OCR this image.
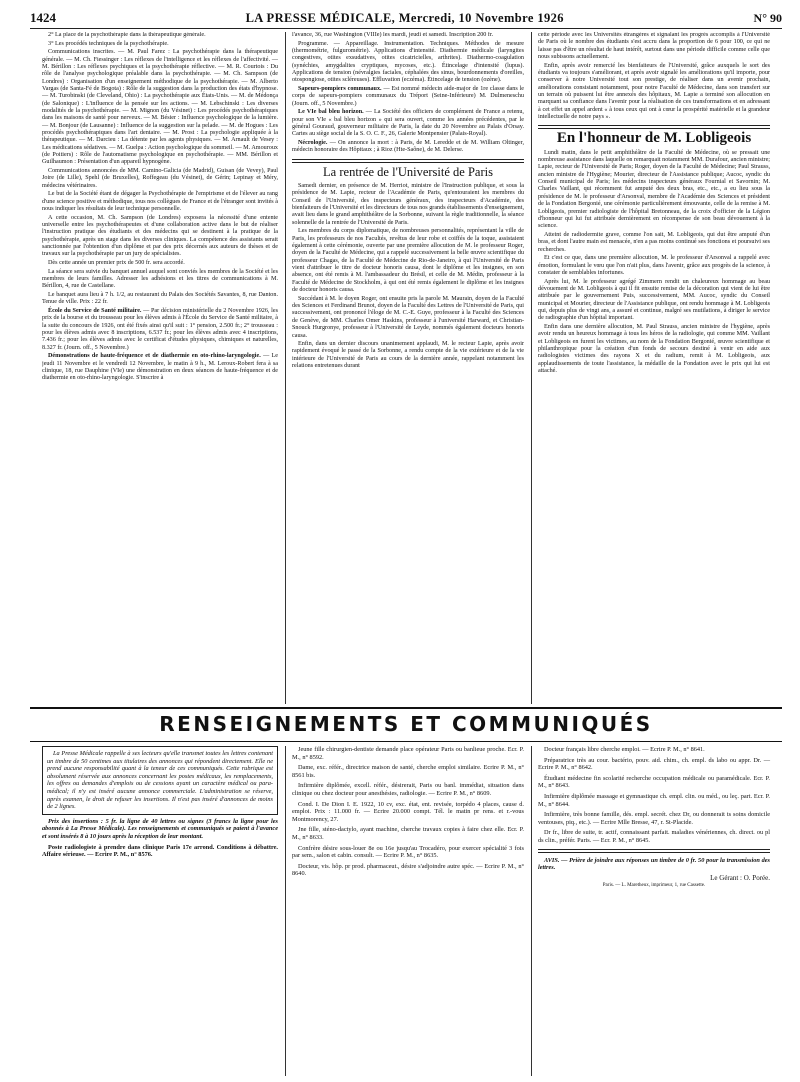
1424	LA PRESSE MÉDICALE, Mercredi, 10 Novembre 1926	N° 90

2° La place de la psychothérapie dans la thérapeutique générale.

3° Les procédés techniques de la psychothérapie.

Communications inscrites. — M. Paul Farez : La psychothérapie dans la thérapeutique générale. — M. Ch. Fiessinger : Les réflexes de l'intelligence et les réflexes de l'affectivité. — M. Bérillon : Les réflexes psychiques et la psychothérapie réflective. — M. R. Courtois : Du rôle de l'analyse psychologique préalable dans la psychothérapie. — M. Ch. Sampson (de Londres) : Organisation d'un enseignement méthodique de la psychothérapie. — M. Alberto Vargas (de Santa-Fé de Bogota) : Rôle de la suggestion dans la production des états d'hypnose. — M. Turobinski (de Cleveland, Ohio) : La psychothérapie aux États-Unis. — M. de Médonça (de Salonique) : L'influence de la pensée sur les actions. — M. Lebschinski : Les diverses modalités de la psychothérapie. — M. Mignon (du Vésinet) : Les procédés psychothérapiques dans les maisons de santé pour nerveux. — M. Bésier : Influence psychologique de la lumière. — M. Bonjour (de Lausanne) : Influence de la suggestion sur la pelade. — M. de Hogues : Les procédés psychothérapiques dans l'art dentaire. — M. Prost : La psychologie appliquée à la thérapeutique. — M. Darcieu : La détente par les agents physiques. — M. Arnault de Vesey : Les médications sédatives. — M. Guelpa : Action psychologique du sommeil. — M. Amouroux (de Poitiers) : Rôle de l'automatisme psychologique en psychothérapie. — MM. Bérillon et Guilhaumon : Présentation d'un appareil hypnogène.

Communications annoncées de MM. Camino-Galicia (de Madrid), Guisan (de Vevey), Paul Joire (de Lille), Spehl (de Bruxelles), Roffegeau (du Vésinet), de Gérin; Lepinay et Méry, médecins vétérinaires.

Le but de la Société étant de dégager la Psychothérapie de l'empirisme et de l'élever au rang d'une science positive et méthodique, tous nos collègues de France et de l'étranger sont invités à nous indiquer les résultats de leur technique personnelle.

A cette occasion, M. Ch. Sampson (de Londres) exposera la nécessité d'une entente universelle entre les psychothérapeutes et d'une collaboration active dans le but de réaliser l'instruction pratique des étudiants et des médecins qui se destinent à la pratique de la psychothérapie, après un stage dans les diverses cliniques. La compétence des assistants serait sanctionnée par l'obtention d'un diplôme et par des prix décernés aux auteurs de thèses et de travaux sur la psychothérapie par un jury de spécialistes.

Dès cette année un premier prix de 500 fr. sera accordé.

La séance sera suivie du banquet annuel auquel sont conviés les membres de la Société et les membres de leurs familles. Adresser les adhésions et les titres de communications à M. Bérillon, 4, rue de Castellane.

Le banquet aura lieu à 7 h. 1/2, au restaurant du Palais des Sociétés Savantes, 8, rue Danton. Tenue de ville. Prix : 22 fr.

École du Service de Santé militaire. — Par décision ministérielle du 2 Novembre 1926, les prix de la bourse et du trousseau pour les élèves admis à l'École du Service de Santé militaire, à la suite du concours de 1926, ont été fixés ainsi qu'il suit : 1° pension, 2.500 fr.; 2° trousseau : pour les élèves admis avec 8 inscriptions, 6.537 fr.; pour les élèves admis avec 4 inscriptions, 7.436 fr.; pour les élèves admis avec le certificat d'études physiques, chimiques et naturelles, 8.327 fr. (Journ. off., 5 Novembre.)

Démonstrations de haute-fréquence et de diathermie en oto-rhino-laryngologie. — Le jeudi 11 Novembre et le vendredi 12 Novembre, le matin à 9 h., M. Leroux-Robert fera à sa clinique, 18, rue Dauphine (VIe) une démonstration en deux séances de haute-fréquence et de diathermie en oto-rhino-laryngologie. S'inscrire à

l'avance, 36, rue Washington (VIIIe) les mardi, jeudi et samedi. Inscription 200 fr.

Programme. — Appareillage. Instrumentation. Techniques. Méthodes de mesure (thermométrie, fulgurométrie). Applications d'intensité. Diathermie médicale (laryngites congestives, otites exsudatives, otites cicatricielles, arthrites). Diathermo-coagulation (synéchies, amygdalites cryptiques, mycoses, etc.). Étincelage d'intensité (lupus). Applications de tension (névralgies faciales, céphalées des sinus, bourdonnements d'oreilles, otospongiose, otites scléreuses). Effluvation (eczéma). Étincelage de tension (ozène).

Sapeurs-pompiers communaux. — Est nommé médecin aide-major de 1re classe dans le corps de sapeurs-pompiers communaux du Tréport (Seine-Inférieure) M. Dulmeneschu (Journ. off., 5 Novembre.)

Le VIe bal bleu horizon. — La Société des officiers de complément de France a retenu, pour son VIe « bal bleu horizon » qui sera ouvert, comme les années précédentes, par le général Gouraud, gouverneur militaire de Paris, la date du 20 Novembre au Palais d'Orsay. Cartes au siège social de la S. O. C. F., 26, Galerie Montpensier (Palais-Royal).

Nécrologie. — On annonce la mort : à Paris, de M. Leredde et de M. William Oltinger, médecin honoraire des Hôpitaux ; à Rioz (Hte-Saône), de M. Delerse.

La rentrée de l'Université de Paris

Samedi dernier, en présence de M. Herriot, ministre de l'Instruction publique, et sous la présidence de M. Lapie, recteur de l'Académie de Paris, qu'entouraient les membres du Conseil de l'Université, des inspecteurs généraux, des inspecteurs d'Académie, des bienfaiteurs de l'Université et les directeurs de tous nos grands établissements d'enseignement, avait lieu dans le grand amphithéâtre de la Sorbonne, suivant la règle traditionnelle, la séance solennelle de la rentrée de l'Université de Paris.

Les membres du corps diplomatique, de nombreuses personnalités, représentant la ville de Paris, les professeurs de nos Facultés, revêtus de leur robe et coiffés de la toque, assistaient également à cette cérémonie, ouverte par une première allocution de M. le professeur Roger, doyen de la Faculté de Médecine, qui a rappelé successivement la belle œuvre scientifique du professeur Chagas, de la Faculté de Médecine de Rio-de-Janeiro, à qui l'Université de Paris vient d'attribuer le titre de docteur honoris causa, dont le diplôme et les insignes, en son absence, ont été remis à M. l'ambassadeur du Brésil, et celle de M. Médin, professeur à la Faculté de Médecine de Stockholm, à qui ont été remis également le diplôme et les insignes de docteur honoris causa.

Succédant à M. le doyen Roger, ont ensuite pris la parole M. Maurain, doyen de la Faculté des Sciences et Ferdinand Brunot, doyen de la Faculté des Lettres de l'Université de Paris, qui successivement, ont prononcé l'éloge de M. C.-E. Guye, professeur à la Faculté des Sciences de Genève, de MM. Charles Omer Haskins, professeur à l'université Harward, et Christian-Snouck Hurgronye, professeur à l'Université de Leyde, nommés également docteurs honoris causa.

Enfin, dans un dernier discours unanimement applaudi, M. le recteur Lapie, après avoir rapidement évoqué le passé de la Sorbonne, a rendu compte de la vie extérieure et de la vie intérieure de l'Université de Paris au cours de la dernière année, rappelant notamment les relations entretenues durant

cette période avec les Universités étrangères et signalant les progrès accomplis à l'Université de Paris où le nombre des étudiants s'est accru dans la proportion de 6 pour 100, ce qui ne laisse pas d'être un résultat de haut intérêt, surtout dans une période difficile comme celle que nous subissons actuellement.

Enfin, après avoir remercié les bienfaiteurs de l'Université, grâce auxquels le sort des étudiants va toujours s'améliorant, et après avoir signalé les améliorations qu'il importe, pour conserver à notre Université tout son prestige, de réaliser dans un avenir prochain, améliorations consistant notamment, pour notre Faculté de Médecine, dans son transfert sur un terrain où puissent lui être annexés des hôpitaux, M. Lapie a terminé son allocution en marquant sa confiance dans l'avenir pour la réalisation de ces transformations et en adressant à cet effet un appel ardent « à tous ceux qui ont à cœur la prospérité matérielle et la grandeur intellectuelle de notre pays ».

En l'honneur de M. Lobligeois

Lundi matin, dans le petit amphithéâtre de la Faculté de Médecine, où se pressait une nombreuse assistance dans laquelle on remarquait notamment MM. Durafour, ancien ministre; Lapie, recteur de l'Université de Paris; Roger, doyen de la Faculté de Médecine; Paul Strauss, ancien ministre de l'Hygiène; Mourier, directeur de l'Assistance publique; Aucoc, syndic du Conseil municipal de Paris; les médecins inspecteurs généraux Fournial et Savornin; M. Charles Vaillant, qui récemment fut amputé des deux bras, etc., etc., a eu lieu sous la présidence de M. le professeur d'Arsonval, membre de l'Académie des Sciences et président de la Fondation Bergonié, une cérémonie particulièrement émouvante, celle de la remise à M. Lobligeois, premier radiologiste de l'hôpital Bretonneau, de la croix d'officier de la Légion d'honneur qui lui fut attribuée dernièrement en récompense de son beau dévouement à la science.

Atteint de radiodermite grave, comme l'on sait, M. Lobligeois, qui dut être amputé d'un bras, et dont l'autre main est menacée, n'en a pas moins continué ses fonctions et poursuivi ses recherches.

Et c'est ce que, dans une première allocution, M. le professeur d'Arsonval a rappelé avec émotion, formulant le vœu que l'on n'ait plus, dans l'avenir, grâce aux progrès de la science, à constater de semblables infortunes.

Après lui, M. le professeur agrégé Zimmern rendit un chaleureux hommage au beau dévouement de M. Lobligeois à qui il fit ensuite remise de la décoration qui vient de lui être attribuée par le gouvernement Puis, successivement, MM. Aucoc, syndic du Conseil municipal et Mourier, directeur de l'Assistance publique, ont rendu hommage à M. Lobligeois qui, depuis plus de vingt ans, a assuré et continue, malgré ses mutilations, à diriger le service de radiographie d'un hôpital important.

Enfin dans une dernière allocution, M. Paul Strauss, ancien ministre de l'hygiène, après avoir rendu un heureux hommage à tous les héros de la radiologie, qui comme MM. Vaillant et Lobligeois en furent les victimes, au nom de la Fondation Bergonié, œuvre scientifique et philanthropique pour la création d'un fonds de secours destiné à venir en aide aux radiologistes victimes des rayons X et du radium, remit à M. Lobligeois, aux applaudissements de toute l'assistance, la médaille de la Fondation avec le prix qui lui est attaché.

RENSEIGNEMENTS ET COMMUNIQUÉS

La Presse Médicale rappelle à ses lecteurs qu'elle transmet toutes les lettres contenant un timbre de 50 centimes aux titulaires des annonces qui répondent directement. Elle ne prend aucune responsabilité quant à la teneur de ces communiqués. Cette rubrique est absolument réservée aux annonces concernant les postes médicaux, les remplacements, les offres ou demandes d'emplois ou de cessions ayant un caractère médical ou para-médical; il n'y est inséré aucune annonce commerciale. L'administration se réserve, après examen, le droit de refuser les insertions. Il n'est pas inséré d'annonces de moins de 2 lignes.

Prix des insertions : 5 fr. la ligne de 40 lettres ou signes (3 francs la ligne pour les abonnés à La Presse Médicale). Les renseignements et communiqués se paient à l'avance et sont insérés 8 à 10 jours après la réception de leur montant.

Poste radiologiste à prendre dans clinique Paris 17e arrond. Conditions à débattre. Affaire sérieuse. — Ecrire P. M., n° 8576.

Jeune fille chirurgien-dentiste demande place opérateur Paris ou banlieue proche. Ecr. P. M., n° 8592.

Dame, exc. référ., directrice maison de santé, cherche emploi similaire. Ecrire P. M., n° 8561 bis.

Infirmière diplômée, excell. référ., désirerait, Paris ou banl. immédiat, situation dans clinique ou chez docteur pour anesthésies, radiologie. — Ecrire P. M., n° 8609.

Cond. I. De Dion I. E. 1922, 10 cv, exc. état, ent. revisée, torpédo 4 places, cause d. emploi. Prix : 11.000 fr. — Ecrire 20.000 compt. Tél. le matin pr rens. et r.-vous Montmorency, 27.

Jne fille, sténo-dactylo, ayant machine, cherche travaux copies à faire chez elle. Ecr. P. M., n° 8633.

Confrère désire sous-louer 8e ou 16e jusqu'au Trocadéro, pour exercer spécialité 3 fois par sem., salon et cabin. consult. — Ecrire P. M., n° 8635.

Docteur, vis. hôp. pr prod. pharmaceut., désire s'adjoindre autre spéc. — Ecrire P. M., n° 8640.

Docteur français libre cherche emploi. — Ecrire P. M., n° 8641.

Préparatrice très au cour. bactério, pouv. aid. chim., ch. empl. ds labo ou appr. Dr. — Ecrire P. M., n° 8642.

Étudiant médecine fin scolarité recherche occupation médicale ou paramédicale. Ecr. P. M., n° 8643.

Infirmière diplômée massage et gymnastique ch. empl. clin. ou méd., ou leç. part. Ecr. P. M., n° 8644.

Infirmière, très bonne famille, dés. empl. secrét. chez Dr, ou donnerait ts soins domicile ventouses, piq., etc.). — Ecrire Mlle Bresse, 47, r. St-Placide.

Dr fr., libre de suite, tr. actif, connaissant parfait. maladies vénériennes, ch. direct. ou pl ds clin., préfér. Paris. — Ecr. P. M., n° 8645.

AVIS. — Prière de joindre aux réponses un timbre de 0 fr. 50 pour la transmission des lettres.

Le Gérant : O. Porée.
Paris. — L. Maretheux, imprimeur, 1, rue Cassette.
